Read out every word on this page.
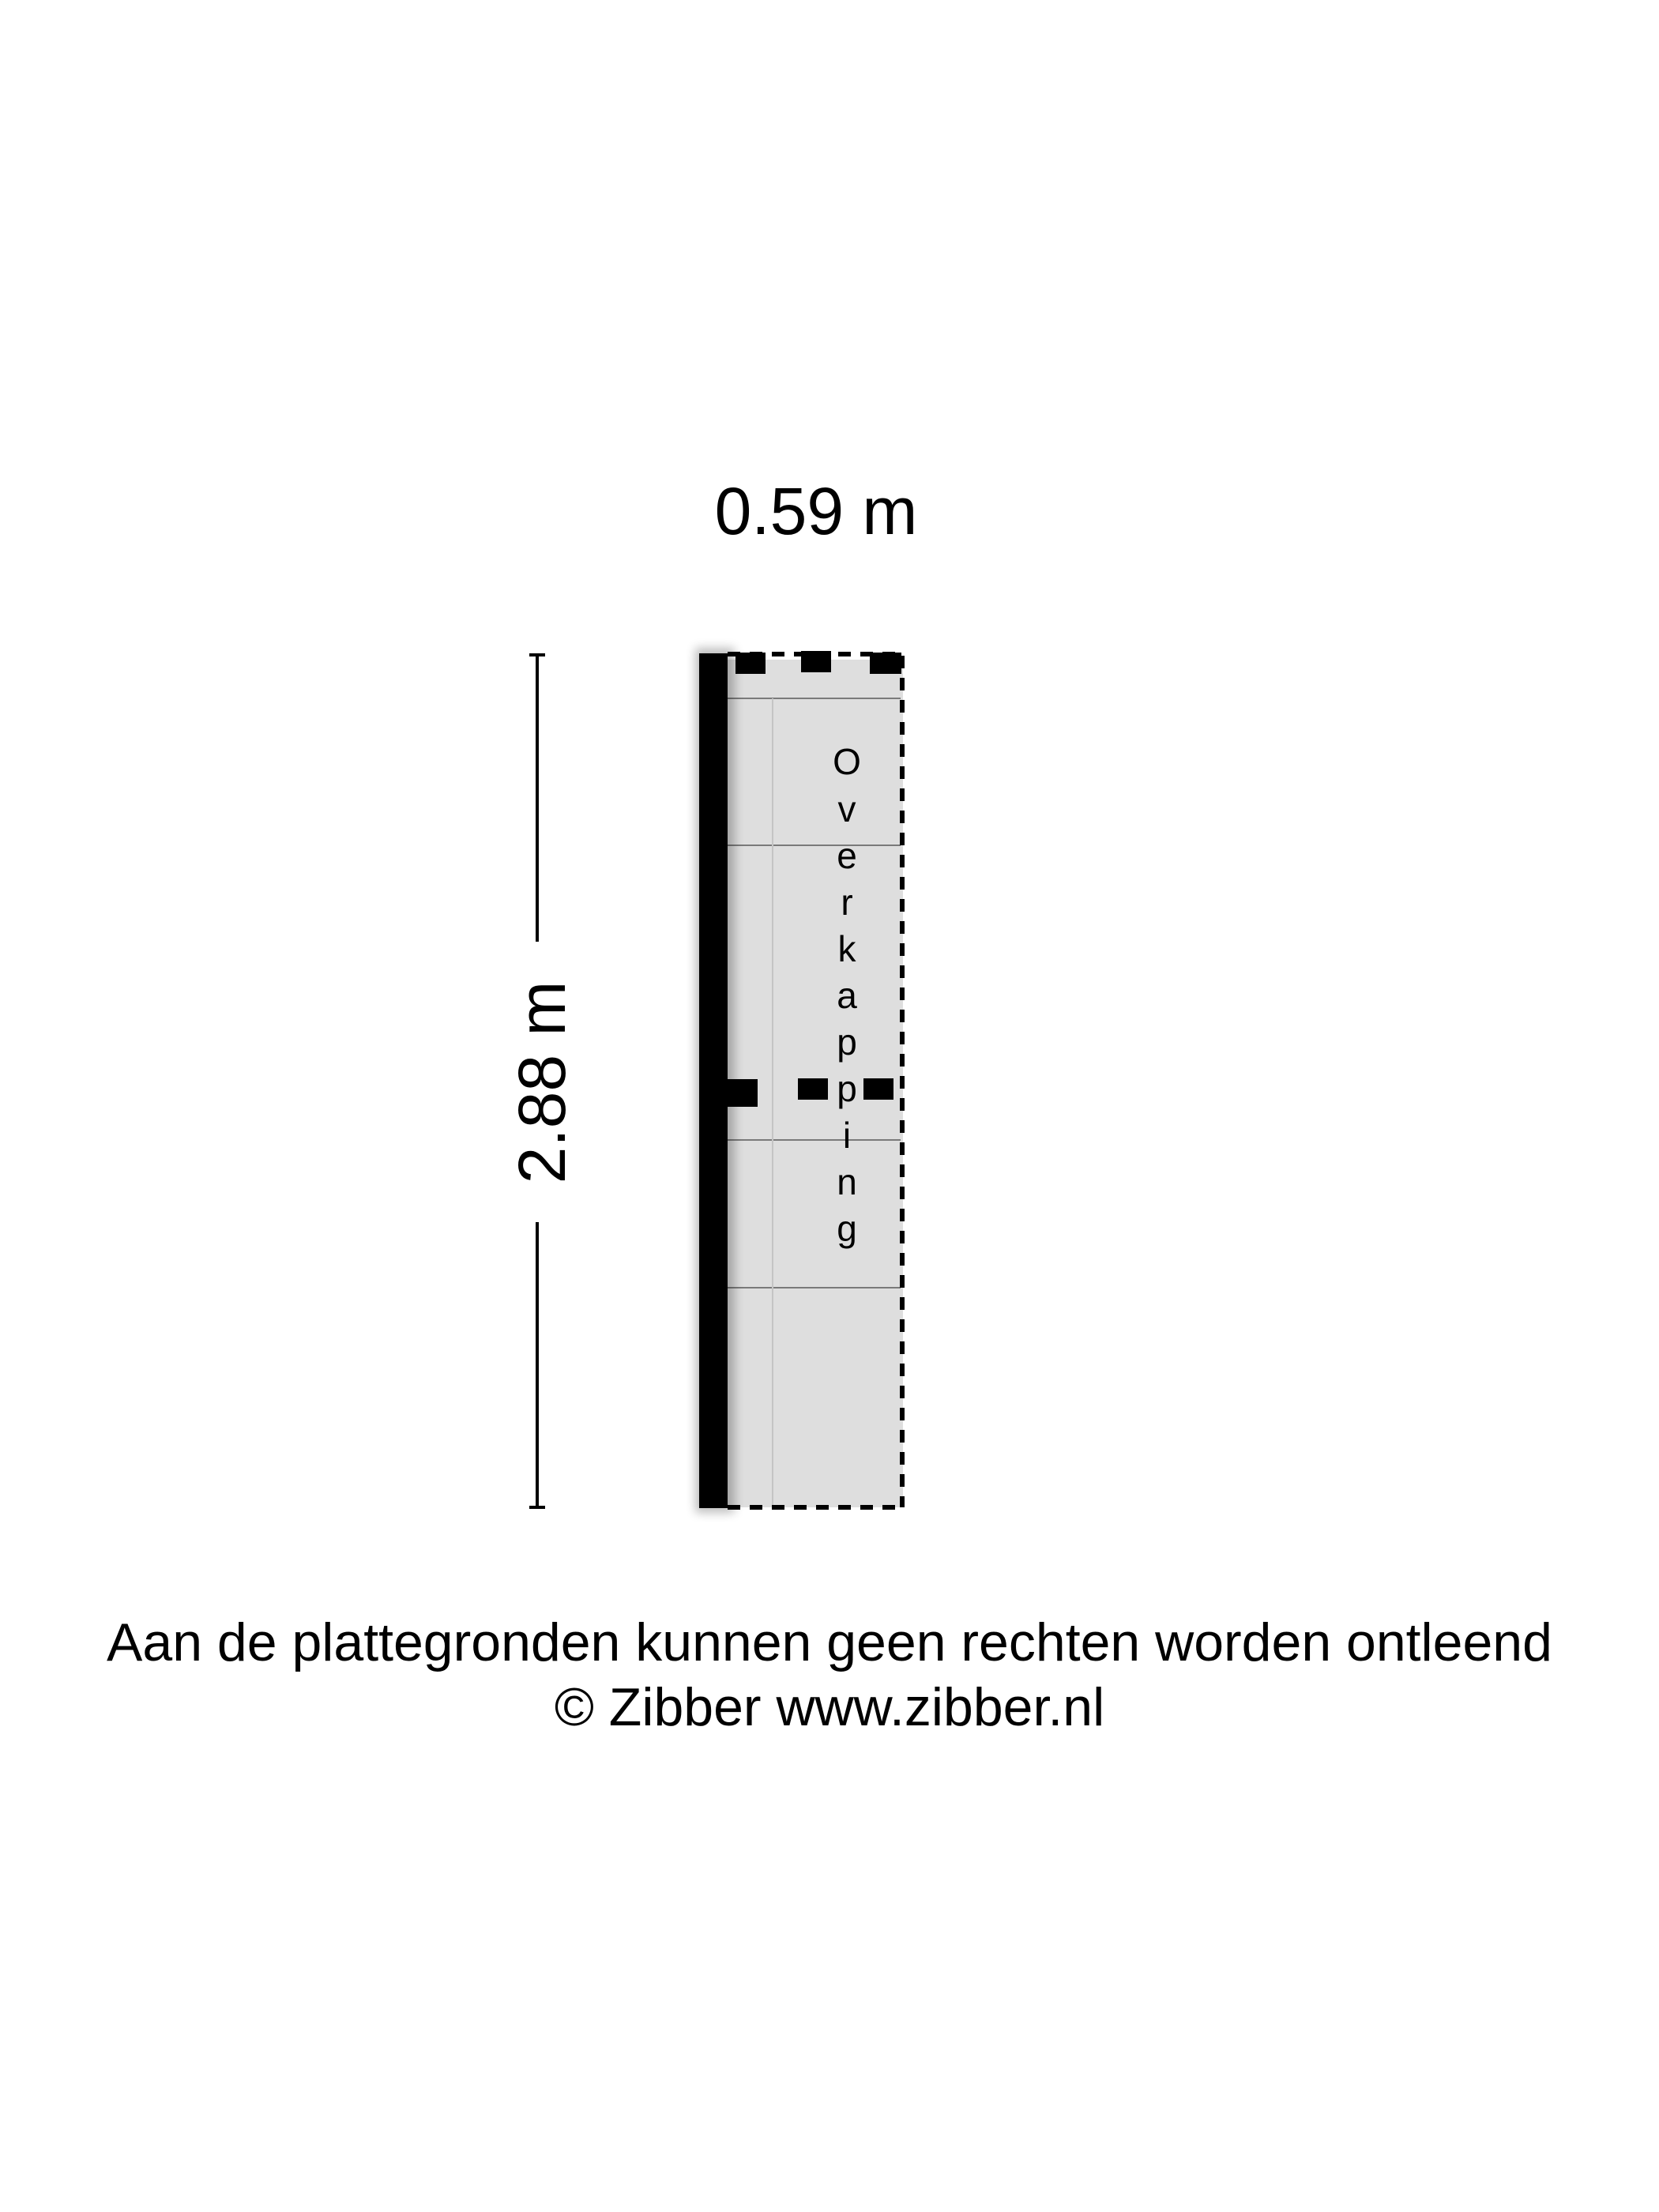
0.59 m
2.88 m
O
v
e
r
k
a
p
p
i
n
g
Aan de plattegronden kunnen geen rechten worden ontleend
© Zibber www.zibber.nl
